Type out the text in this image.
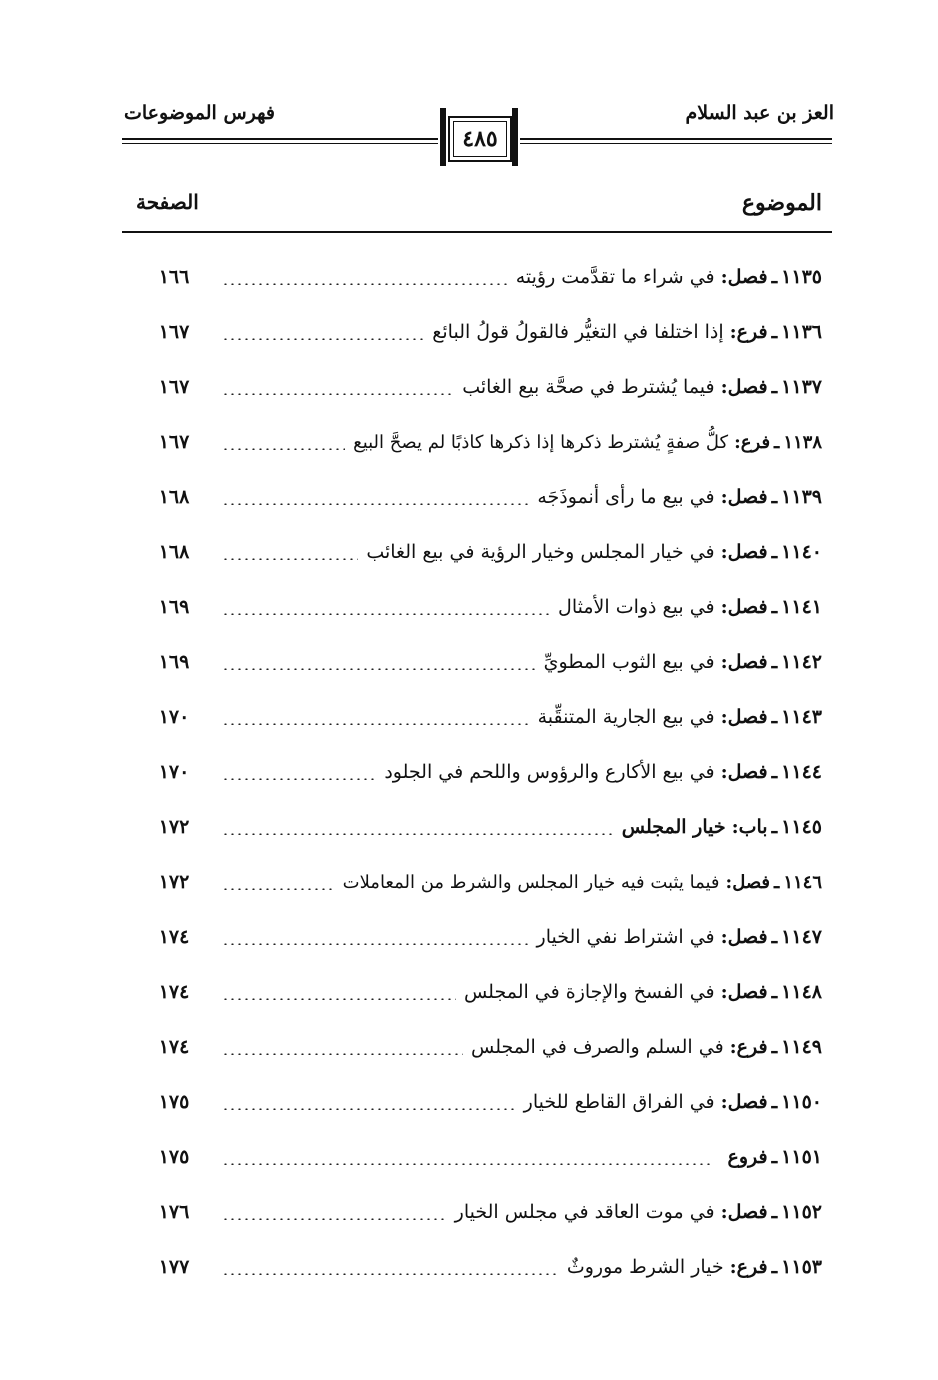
العز بن عبد السلام
فهرس الموضوعات
٤٨٥
الموضوع
الصفحة
١١٣٥
ـ
فصل:
في شراء ما تقدَّمت رؤيته
١٦٦
١١٣٦
ـ
فرع:
إذا اختلفا في التغيُّر فالقولُ قولُ البائع
١٦٧
١١٣٧
ـ
فصل:
فيما يُشترط في صحَّة بيع الغائب
١٦٧
١١٣٨
ـ
فرع:
كلُّ صفةٍ يُشترط ذكرها إذا ذكرها كاذبًا لم يصحَّ البيع
١٦٧
١١٣٩
ـ
فصل:
في بيع ما رأى أنموذَجَه
١٦٨
١١٤٠
ـ
فصل:
في خيار المجلس وخيار الرؤية في بيع الغائب
١٦٨
١١٤١
ـ
فصل:
في بيع ذوات الأمثال
١٦٩
١١٤٢
ـ
فصل:
في بيع الثوب المطويِّ
١٦٩
١١٤٣
ـ
فصل:
في بيع الجارية المتنقِّبة
١٧٠
١١٤٤
ـ
فصل:
في بيع الأكارع والرؤوس واللحم في الجلود
١٧٠
١١٤٥
ـ
باب:
خيار المجلس
١٧٢
١١٤٦
ـ
فصل:
فيما يثبت فيه خيار المجلس والشرط من المعاملات
١٧٢
١١٤٧
ـ
فصل:
في اشتراط نفي الخيار
١٧٤
١١٤٨
ـ
فصل:
في الفسخ والإجازة في المجلس
١٧٤
١١٤٩
ـ
فرع:
في السلم والصرف في المجلس
١٧٤
١١٥٠
ـ
فصل:
في الفراق القاطع للخيار
١٧٥
١١٥١
ـ
فروع
١٧٥
١١٥٢
ـ
فصل:
في موت العاقد في مجلس الخيار
١٧٦
١١٥٣
ـ
فرع:
خيار الشرط موروثٌ
١٧٧
